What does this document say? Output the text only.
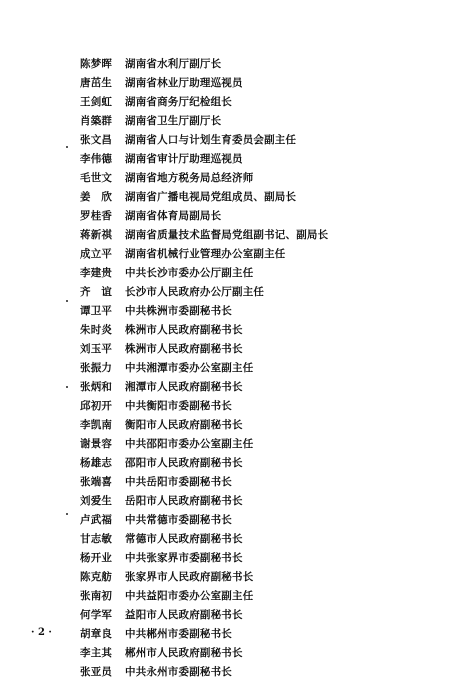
陈梦晖 湖南省水利厅副厅长
唐茁生 湖南省林业厅助理巡视员
王剑虹 湖南省商务厅纪检组长
肖築群 湖南省卫生厅副厅长
张文昌 湖南省人口与计划生育委员会副主任
李伟德 湖南省审计厅助理巡视员
毛世文 湖南省地方税务局总经济师
姜　欣 湖南省广播电视局党组成员、副局长
罗桂香 湖南省体育局副局长
蒋新祺 湖南省质量技术监督局党组副书记、副局长
成立平 湖南省机械行业管理办公室副主任
李建贵 中共长沙市委办公厅副主任
齐　谊 长沙市人民政府办公厅副主任
谭卫平 中共株洲市委副秘书长
朱时炎 株洲市人民政府副秘书长
刘玉平 株洲市人民政府副秘书长
张振力 中共湘潭市委办公室副主任
张炳和 湘潭市人民政府副秘书长
邱初开 中共衡阳市委副秘书长
李凯南 衡阳市人民政府副秘书长
谢景容 中共邵阳市委办公室副主任
杨雄志 邵阳市人民政府副秘书长
张端喜 中共岳阳市委副秘书长
刘爱生 岳阳市人民政府副秘书长
卢武福 中共常德市委副秘书长
甘志敏 常德市人民政府副秘书长
杨开业 中共张家界市委副秘书长
陈克舫 张家界市人民政府副秘书长
张南初 中共益阳市委办公室副主任
何学军 益阳市人民政府副秘书长
胡章良 中共郴州市委副秘书长
李主其 郴州市人民政府副秘书长
张亚员 中共永州市委副秘书长
· 2 ·
